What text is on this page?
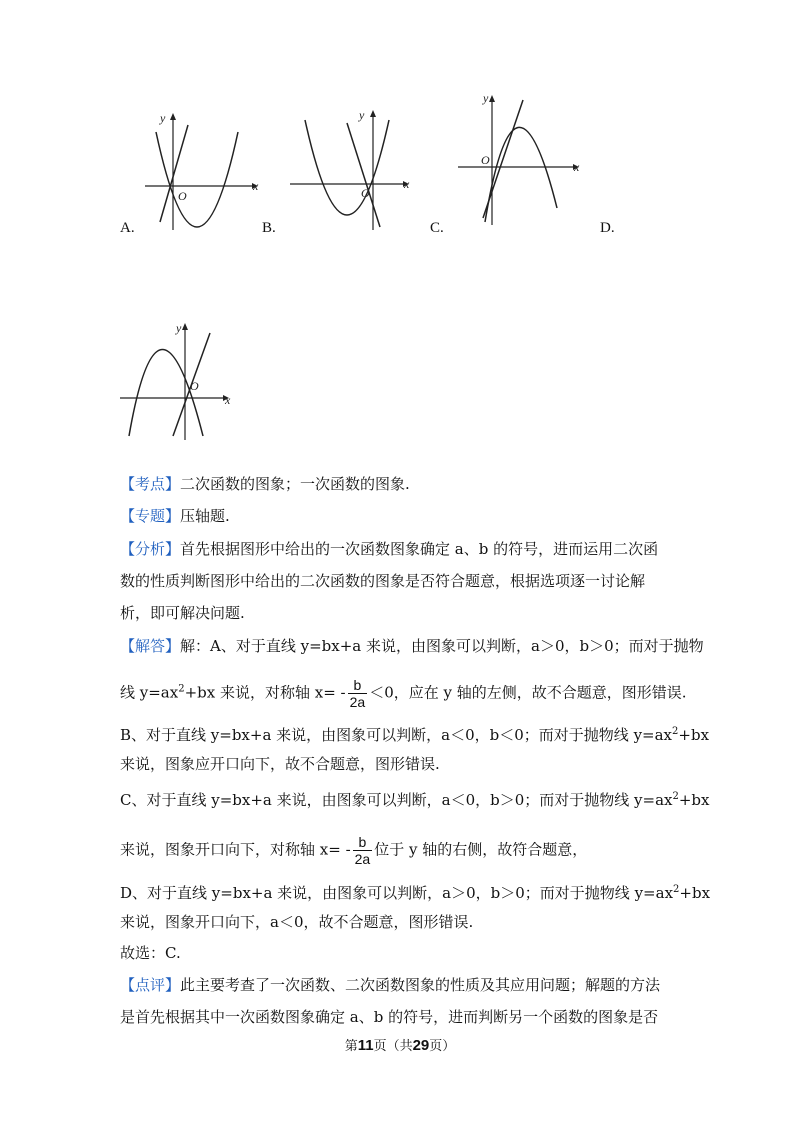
y
x
O
A.
y
x
O
B.
y
x
O
C.	D.
y
x
O
【考点】二次函数的图象；一次函数的图象.
【专题】压轴题.
【分析】首先根据图形中给出的一次函数图象确定 a、b 的符号，进而运用二次函
数的性质判断图形中给出的二次函数的图象是否符合题意，根据选项逐一讨论解
析，即可解决问题.
【解答】解：A、对于直线 y=bx+a 来说，由图象可以判断，a＞0，b＞0；而对于抛物
线 $y=ax^2+bx$ 来说，对称轴 $x= - \frac{b}{2a} <0$，应在 y 轴的左侧，故不合题意，图形错误.
B、对于直线 y=bx+a 来说，由图象可以判断，a＜0，b＜0；而对于抛物线 $y=ax^2+bx$
来说，图象应开口向下，故不合题意，图形错误.
C、对于直线 y=bx+a 来说，由图象可以判断，a＜0，b＞0；而对于抛物线 $y=ax^2+bx$
来说，图象开口向下，对称轴 $x= - \frac{b}{2a}$ 位于 y 轴的右侧，故符合题意，
D、对于直线 y=bx+a 来说，由图象可以判断，a＞0，b＞0；而对于抛物线 $y=ax^2+bx$
来说，图象开口向下，a＜0，故不合题意，图形错误.
故选：C.
【点评】此主要考查了一次函数、二次函数图象的性质及其应用问题；解题的方法
是首先根据其中一次函数图象确定 a、b 的符号，进而判断另一个函数的图象是否
第11页（共29页）
